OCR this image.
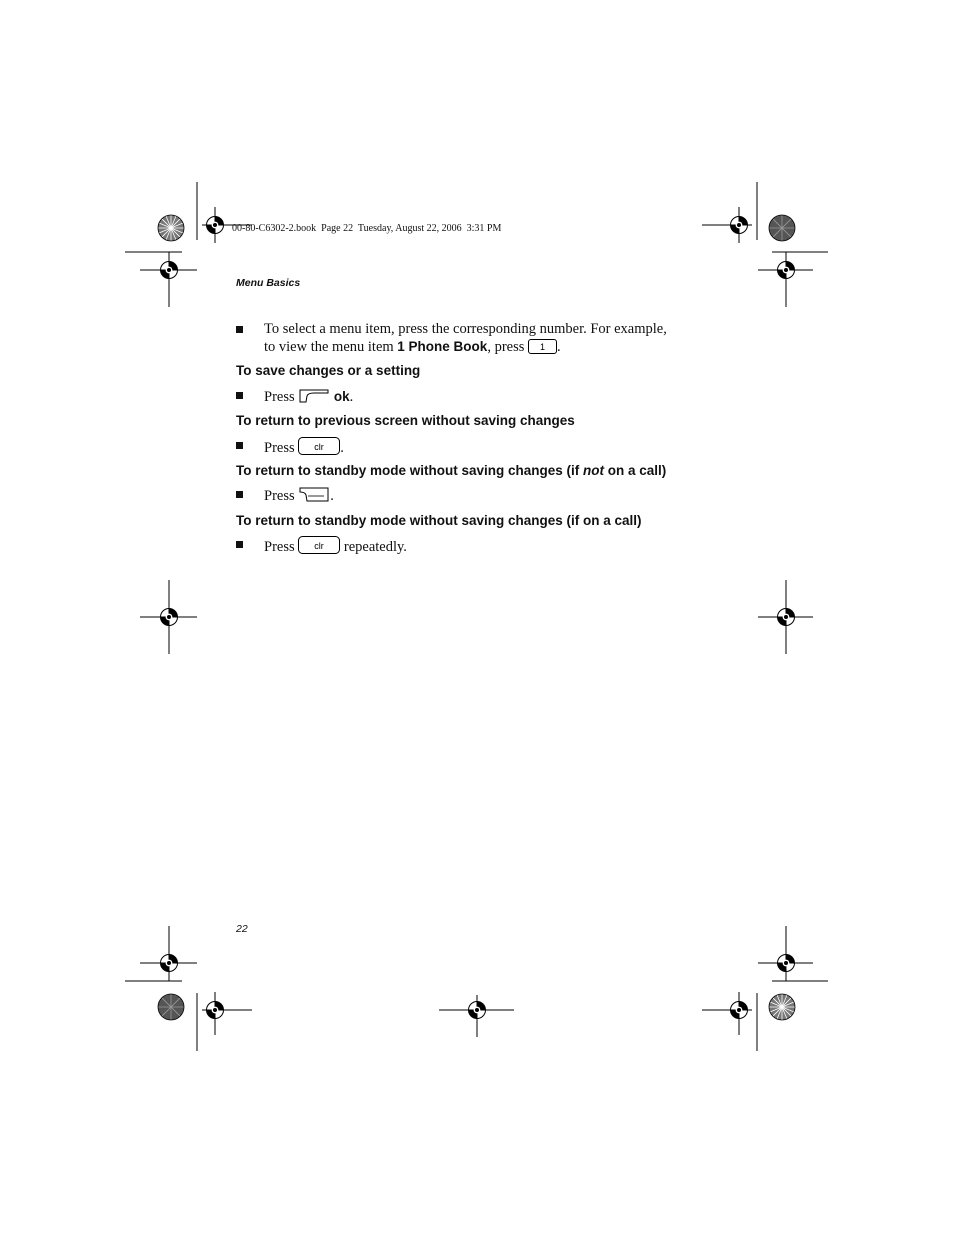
00-80-C6302-2.book  Page 22  Tuesday, August 22, 2006  3:31 PM
Menu Basics
To select a menu item, press the corresponding number. For example,
to view the menu item 1 Phone Book, press 1 .
To save changes or a setting
Press	ok.
To return to previous screen without saving changes
Press clr .
To return to standby mode without saving changes (if not on a call)
Press .
To return to standby mode without saving changes (if on a call)
Press clr repeatedly.
22
